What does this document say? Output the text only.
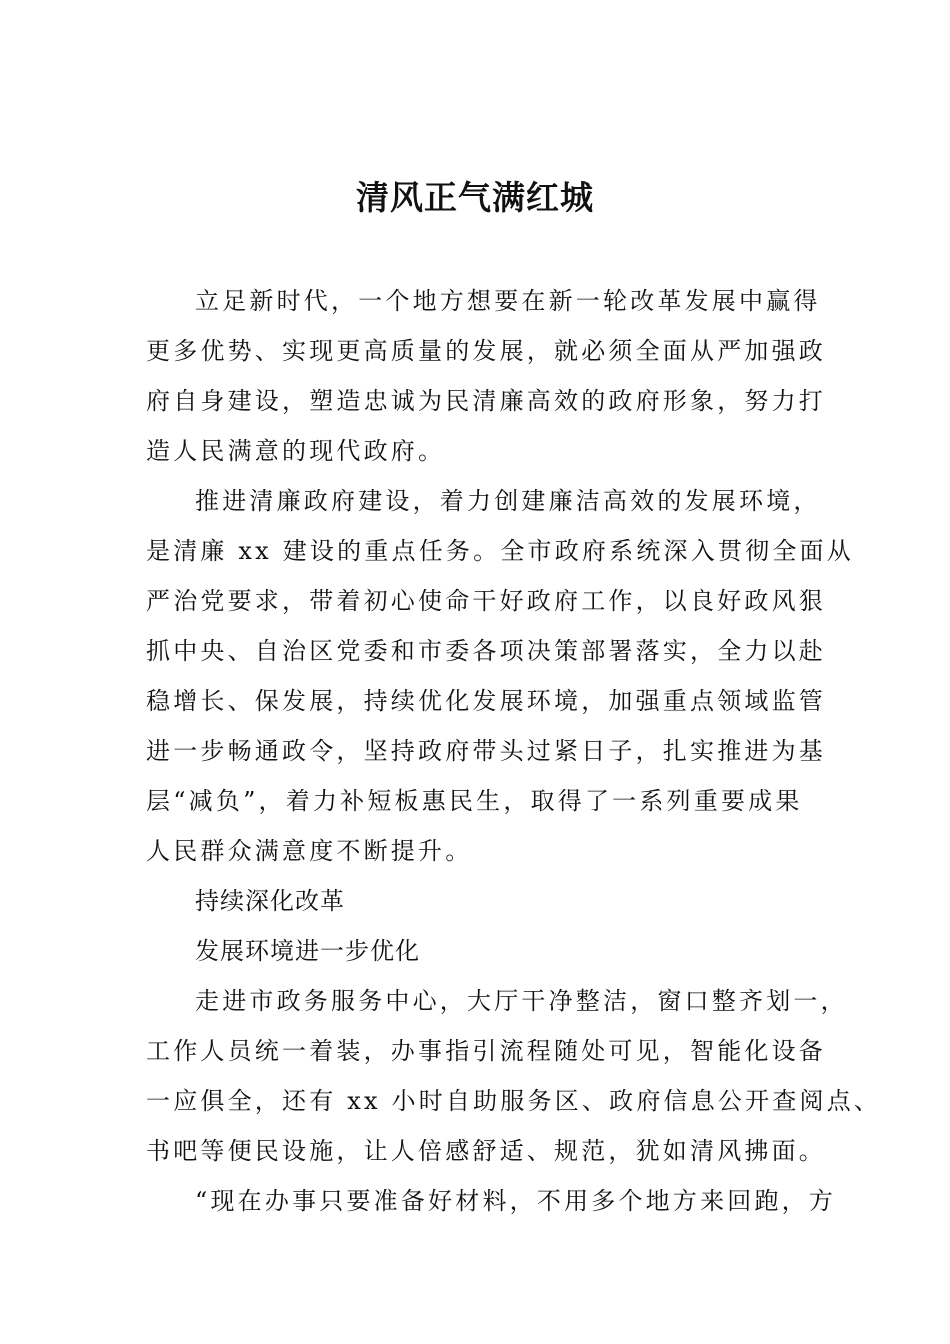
清风正气满红城
立足新时代，一个地方想要在新一轮改革发展中赢得
更多优势、实现更高质量的发展，就必须全面从严加强政
府自身建设，塑造忠诚为民清廉高效的政府形象，努力打
造人民满意的现代政府。
推进清廉政府建设，着力创建廉洁高效的发展环境，
是清廉 xx 建设的重点任务。全市政府系统深入贯彻全面从
严治党要求，带着初心使命干好政府工作，以良好政风狠
抓中央、自治区党委和市委各项决策部署落实，全力以赴
稳增长、保发展，持续优化发展环境，加强重点领域监管
进一步畅通政令，坚持政府带头过紧日子，扎实推进为基
层“减负”，着力补短板惠民生，取得了一系列重要成果
人民群众满意度不断提升。
持续深化改革
发展环境进一步优化
走进市政务服务中心，大厅干净整洁，窗口整齐划一，
工作人员统一着装，办事指引流程随处可见，智能化设备
一应俱全，还有 xx 小时自助服务区、政府信息公开查阅点、
书吧等便民设施，让人倍感舒适、规范，犹如清风拂面。
“现在办事只要准备好材料，不用多个地方来回跑，方
